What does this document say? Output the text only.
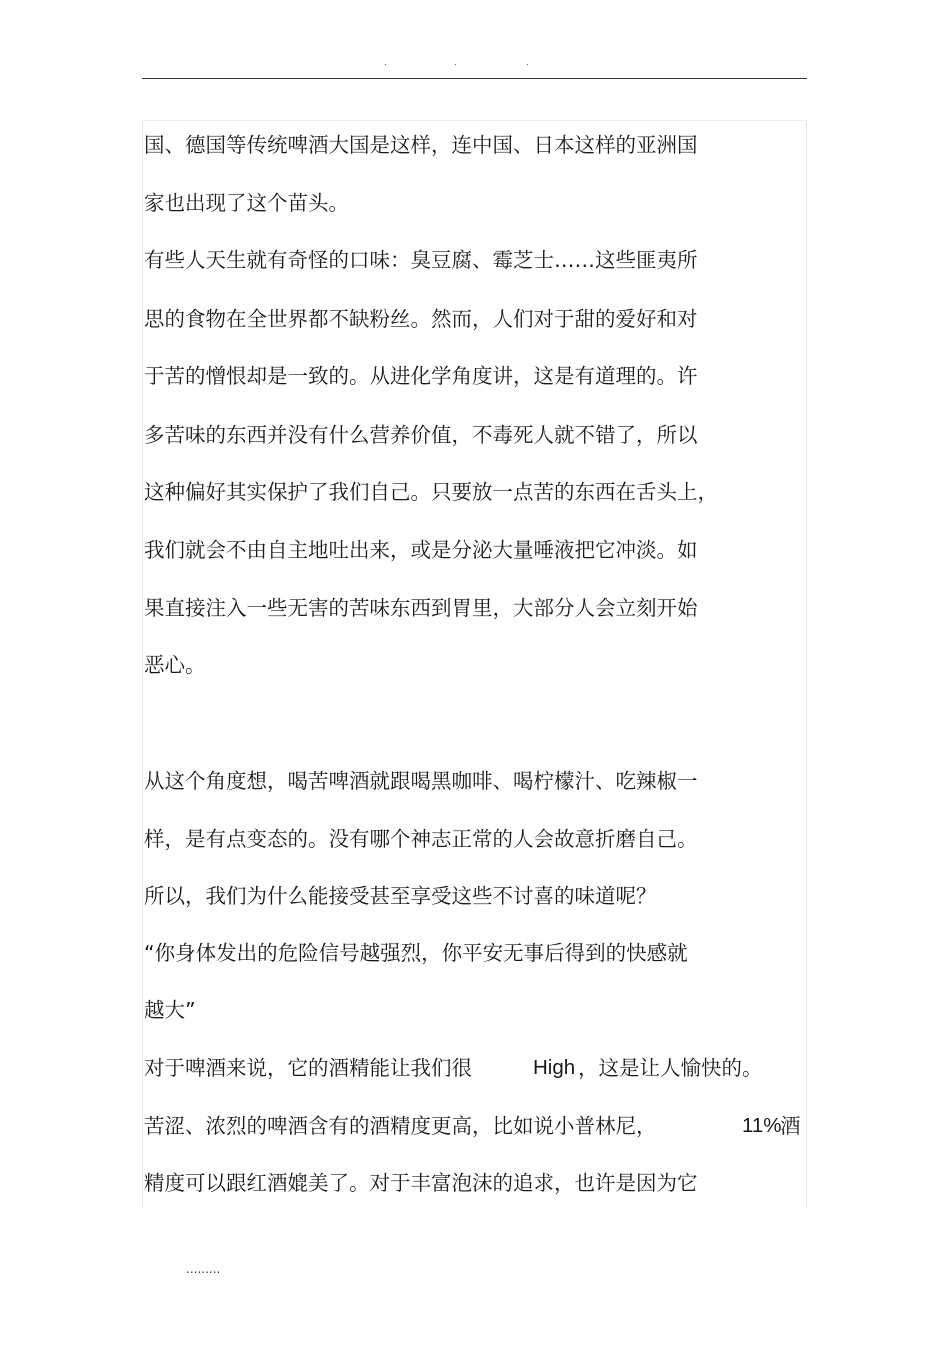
.	.	.
国、德国等传统啤酒大国是这样，连中国、日本这样的亚洲国
家也出现了这个苗头。
有些人天生就有奇怪的口味：臭豆腐、霉芝士……这些匪夷所
思的食物在全世界都不缺粉丝。然而，人们对于甜的爱好和对
于苦的憎恨却是一致的。从进化学角度讲，这是有道理的。许
多苦味的东西并没有什么营养价值，不毒死人就不错了，所以
这种偏好其实保护了我们自己。只要放一点苦的东西在舌头上，
我们就会不由自主地吐出来，或是分泌大量唾液把它冲淡。如
果直接注入一些无害的苦味东西到胃里，大部分人会立刻开始
恶心。
从这个角度想，喝苦啤酒就跟喝黑咖啡、喝柠檬汁、吃辣椒一
样，是有点变态的。没有哪个神志正常的人会故意折磨自己。
所以，我们为什么能接受甚至享受这些不讨喜的味道呢？
“你身体发出的危险信号越强烈，你平安无事后得到的快感就
越大”
对于啤酒来说，它的酒精能让我们很	High ，这是让人愉快的。
苦涩、浓烈的啤酒含有的酒精度更高，比如说小普林尼，	11%
酒
精度可以跟红酒媲美了。对于丰富泡沫的追求，也许是因为它
.........
